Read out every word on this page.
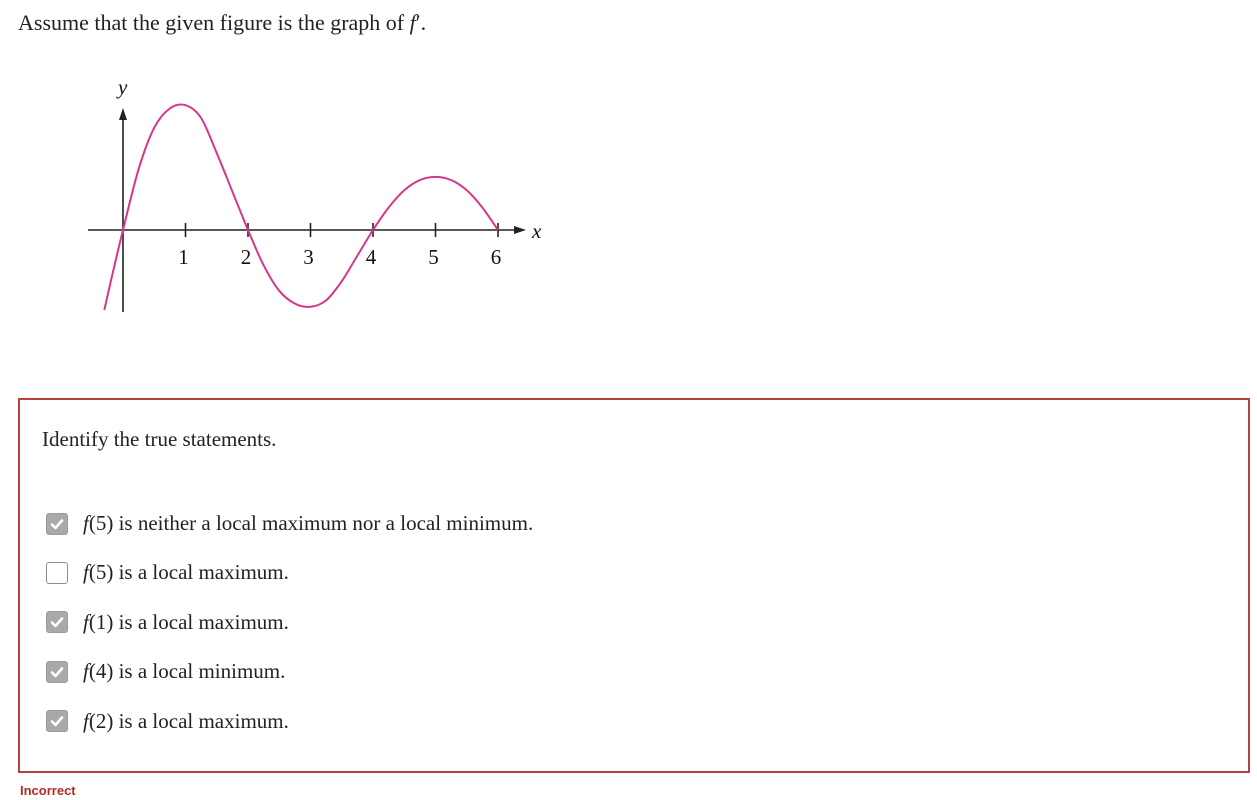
Assume that the given figure is the graph of f′.
1 2 3 4 5 6
y
x
Identify the true statements.
f(5) is neither a local maximum nor a local minimum.
f(5) is a local maximum.
f(1) is a local maximum.
f(4) is a local minimum.
f(2) is a local maximum.
Incorrect
